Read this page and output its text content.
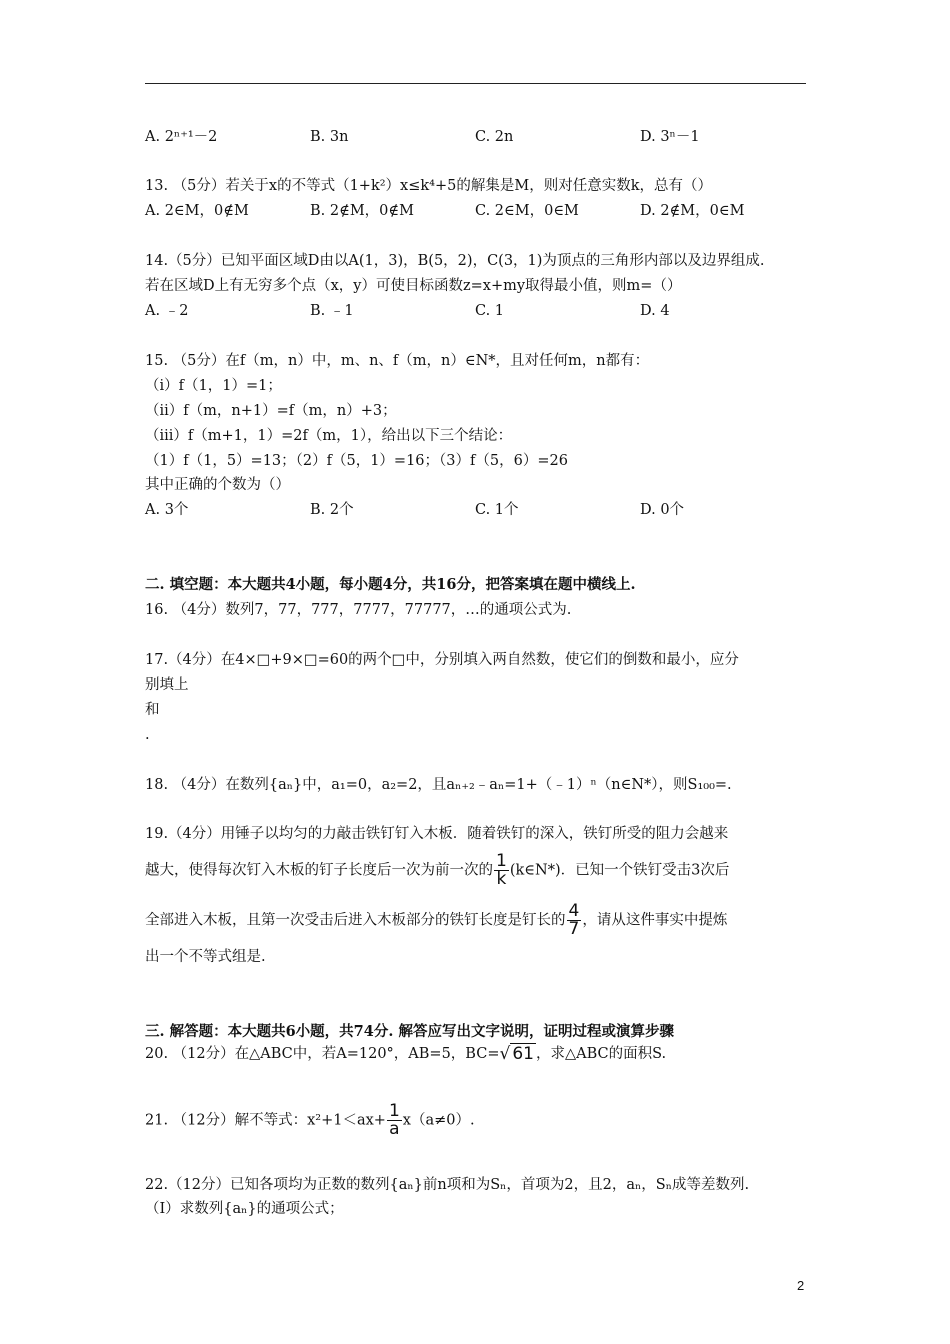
A. 2ⁿ⁺¹－2	B. 3n	C. 2n	D. 3ⁿ－1
13. （5分）若关于x的不等式（1+k²）x≤k⁴+5的解集是M，则对任意实数k，总有（）
A. 2∈M，0∉M	B. 2∉M，0∉M	C. 2∈M，0∈M	D. 2∉M，0∈M
14.（5分）已知平面区域D由以A(1，3)，B(5，2)，C(3，1)为顶点的三角形内部以及边界组成.
若在区域D上有无穷多个点（x，y）可使目标函数z=x+my取得最小值，则m=（）
A. ﹣2	B. ﹣1	C. 1	D. 4
15. （5分）在f（m，n）中，m、n、f（m，n）∈N*，且对任何m，n都有：
（i）f（1，1）=1；
（ii）f（m，n+1）=f（m，n）+3；
（iii）f（m+1，1）=2f（m，1），给出以下三个结论：
（1）f（1，5）=13；（2）f（5，1）=16；（3）f（5，6）=26
其中正确的个数为（）
A. 3个	B. 2个	C. 1个	D. 0个
二. 填空题：本大题共4小题，每小题4分，共16分，把答案填在题中横线上.
16. （4分）数列7，77，777，7777，77777，…的通项公式为.
17.（4分）在4×□+9×□=60的两个□中，分别填入两自然数，使它们的倒数和最小，应分
别填上
和
.
18. （4分）在数列{aₙ}中，a₁=0，a₂=2，且aₙ₊₂﹣aₙ=1+（﹣1）ⁿ（n∈N*），则S₁₀₀=.
19.（4分）用锤子以均匀的力敲击铁钉钉入木板．随着铁钉的深入，铁钉所受的阻力会越来
越大，使得每次钉入木板的钉子长度后一次为前一次的 $\frac{1}{k}$ (k∈N*)．已知一个铁钉受击3次后
全部进入木板，且第一次受击后进入木板部分的铁钉长度是钉长的 $\frac{4}{7}$ ，请从这件事实中提炼
出一个不等式组是.
三. 解答题：本大题共6小题，共74分. 解答应写出文字说明，证明过程或演算步骤
20. （12分）在△ABC中，若A=120°，AB=5，BC=√ 61 ，求△ABC的面积S.
21. （12分）解不等式：$x^2+1<ax+ \frac{1}{a} x(a\ne 0)$.
22.（12分）已知各项均为正数的数列{aₙ}前n项和为Sₙ，首项为2，且2，aₙ，Sₙ成等差数列.
（Ⅰ）求数列{aₙ}的通项公式；
2
